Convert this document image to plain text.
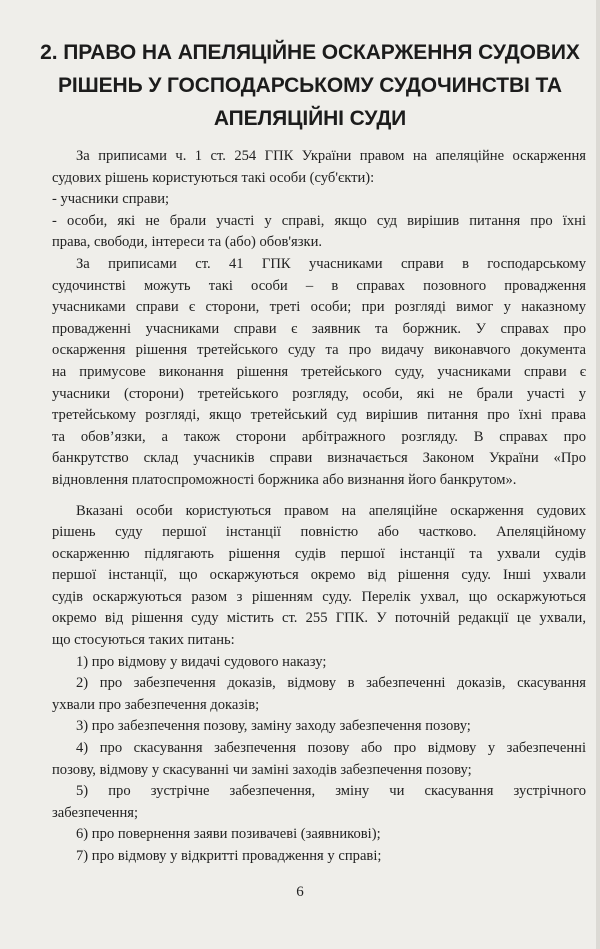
2. ПРАВО НА АПЕЛЯЦІЙНЕ ОСКАРЖЕННЯ СУДОВИХ
РІШЕНЬ У ГОСПОДАРСЬКОМУ СУДОЧИНСТВІ ТА
АПЕЛЯЦІЙНІ СУДИ
За приписами ч. 1 ст. 254 ГПК України правом на апеляційне оскарження
судових рішень користуються такі особи (суб'єкти):
- учасники справи;
- особи, які не брали участі у справі, якщо суд вирішив питання про їхні
права, свободи, інтереси та (або) обов'язки.
За приписами ст. 41 ГПК учасниками справи в господарському
судочинстві можуть такі особи – в справах позовного провадження
учасниками справи є сторони, треті особи; при розгляді вимог у наказному
провадженні учасниками справи є заявник та боржник. У справах про
оскарження рішення третейського суду та про видачу виконавчого документа
на примусове виконання рішення третейського суду, учасниками справи є
учасники (сторони) третейського розгляду, особи, які не брали участі у
третейському розгляді, якщо третейський суд вирішив питання про їхні права
та обов’язки, а також сторони арбітражного розгляду. В справах про
банкрутство склад учасників справи визначається Законом України «Про
відновлення платоспроможності боржника або визнання його банкрутом».
Вказані особи користуються правом на апеляційне оскарження судових
рішень суду першої інстанції повністю або частково. Апеляційному
оскарженню підлягають рішення судів першої інстанції та ухвали судів
першої інстанції, що оскаржуються окремо від рішення суду. Інші ухвали
судів оскаржуються разом з рішенням суду. Перелік ухвал, що оскаржуються
окремо від рішення суду містить ст. 255 ГПК. У поточній редакції це ухвали,
що стосуються таких питань:
1) про відмову у видачі судового наказу;
2) про забезпечення доказів, відмову в забезпеченні доказів, скасування
ухвали про забезпечення доказів;
3) про забезпечення позову, заміну заходу забезпечення позову;
4) про скасування забезпечення позову або про відмову у забезпеченні
позову, відмову у скасуванні чи заміні заходів забезпечення позову;
5) про зустрічне забезпечення, зміну чи скасування зустрічного
забезпечення;
6) про повернення заяви позивачеві (заявникові);
7) про відмову у відкритті провадження у справі;
6
